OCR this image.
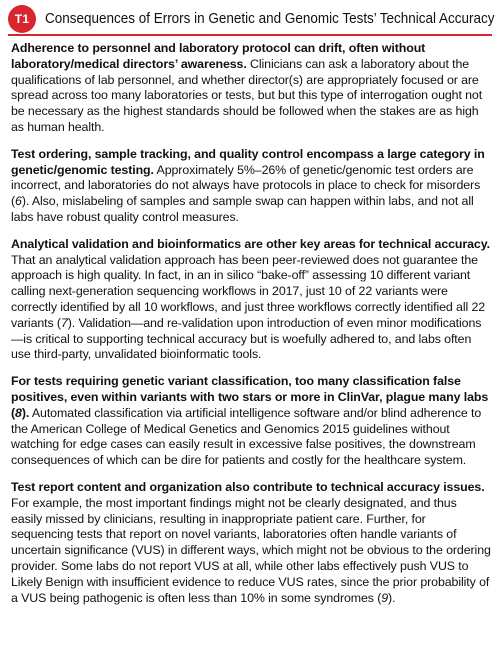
T1	Consequences of Errors in Genetic and Genomic Tests’ Technical Accuracy

Adherence to personnel and laboratory protocol can drift, often without laboratory/medical directors’ awareness. Clinicians can ask a laboratory about the qualifications of lab personnel, and whether director(s) are appropriately focused or are spread across too many laboratories or tests, but but this type of interrogation ought not be necessary as the highest standards should be followed when the stakes are as high as human health.

Test ordering, sample tracking, and quality control encompass a large category in genetic/genomic testing. Approximately 5%–26% of genetic/genomic test orders are incorrect, and laboratories do not always have protocols in place to check for misorders (6). Also, mislabeling of samples and sample swap can happen within labs, and not all labs have robust quality control measures.

Analytical validation and bioinformatics are other key areas for technical accuracy. That an analytical validation approach has been peer-reviewed does not guarantee the approach is high quality. In fact, in an in silico “bake-off” assessing 10 different variant calling next-generation sequencing workflows in 2017, just 10 of 22 variants were correctly identified by all 10 workflows, and just three workflows correctly identified all 22 variants (7). Validation—and re-validation upon introduction of even minor modifications—is critical to supporting technical accuracy but is woefully adhered to, and labs often use third-party, unvalidated bioinformatic tools.

For tests requiring genetic variant classification, too many classification false positives, even within variants with two stars or more in ClinVar, plague many labs (8). Automated classification via artificial intelligence software and/or blind adherence to the American College of Medical Genetics and Genomics 2015 guidelines without watching for edge cases can easily result in excessive false positives, the downstream consequences of which can be dire for patients and costly for the healthcare system.

Test report content and organization also contribute to technical accuracy issues. For example, the most important findings might not be clearly designated, and thus easily missed by clinicians, resulting in inappropriate patient care. Further, for sequencing tests that report on novel variants, laboratories often handle variants of uncertain significance (VUS) in different ways, which might not be obvious to the ordering provider. Some labs do not report VUS at all, while other labs effectively push VUS to Likely Benign with insufficient evidence to reduce VUS rates, since the prior probability of a VUS being pathogenic is often less than 10% in some syndromes (9).
